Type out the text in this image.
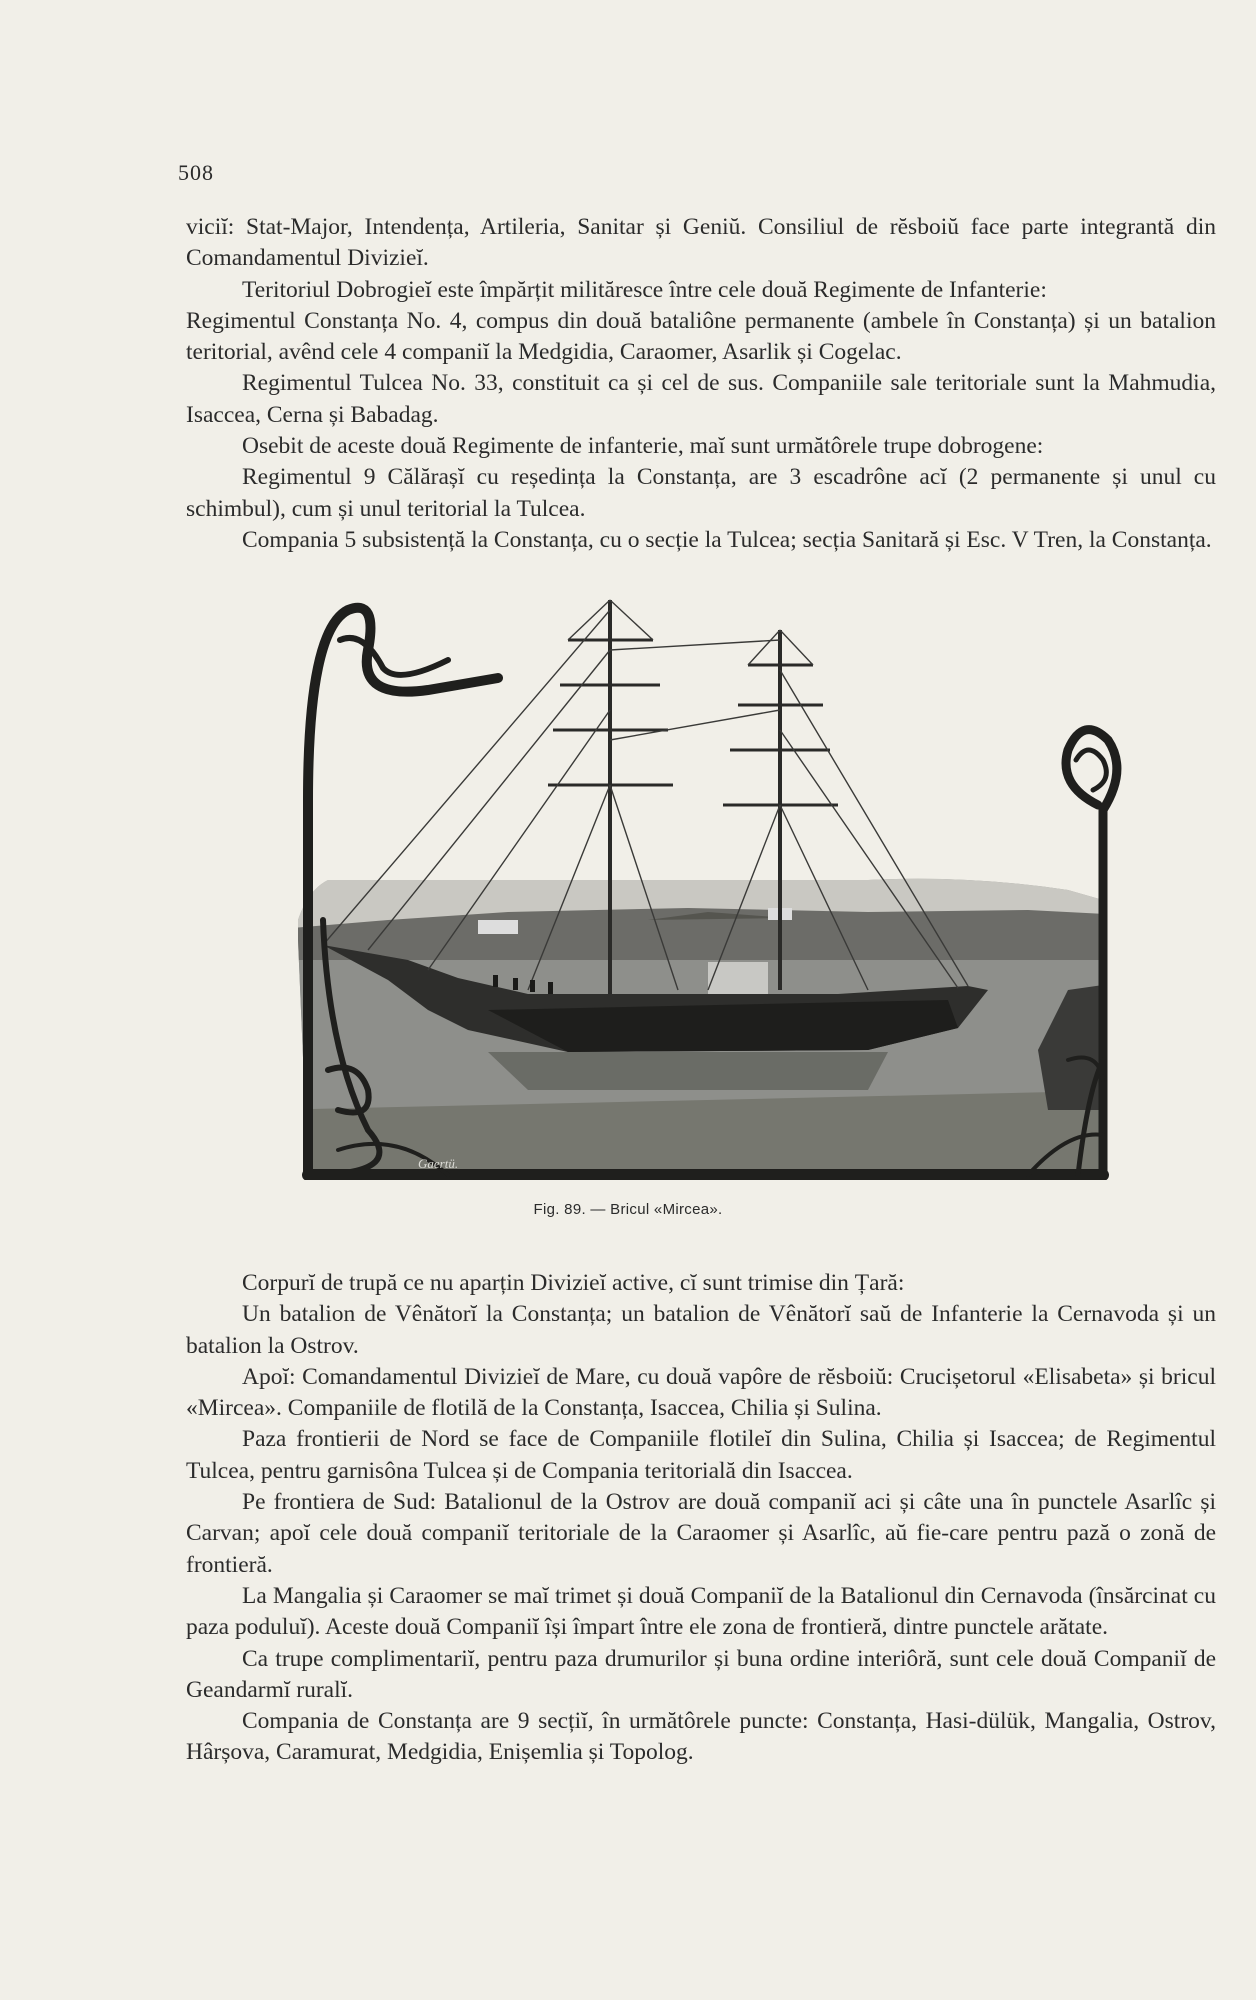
508

viciĭ: Stat-Major, Intendența, Artileria, Sanitar și Geniŭ. Consiliul de rĕsboiŭ face parte integrantă din Comandamentul Divizieĭ.

Teritoriul Dobrogieĭ este împărțit milităresce între cele două Regimente de Infanterie:

Regimentul Constanța No. 4, compus din două bataliône permanente (ambele în Constanța) și un batalion teritorial, avênd cele 4 companiĭ la Medgidia, Caraomer, Asarlik și Cogelac.

Regimentul Tulcea No. 33, constituit ca și cel de sus. Companiile sale teritoriale sunt la Mahmudia, Isaccea, Cerna și Babadag.

Osebit de aceste două Regimente de infanterie, maĭ sunt următôrele trupe dobrogene:

Regimentul 9 Călărașĭ cu reședința la Constanța, are 3 escadrône acĭ (2 permanente și unul cu schimbul), cum și unul teritorial la Tulcea.

Compania 5 subsistență la Constanța, cu o secție la Tulcea; secția Sanitară și Esc. V Tren, la Constanța.

Gaertü.
Fig. 89. — Bricul «Mircea».

Corpurĭ de trupă ce nu aparțin Divizieĭ active, cĭ sunt trimise din Țară:

Un batalion de Vênătorĭ la Constanța; un batalion de Vênătorĭ saŭ de Infanterie la Cernavoda și un batalion la Ostrov.

Apoĭ: Comandamentul Divizieĭ de Mare, cu două vapôre de rĕsboiŭ: Crucișetorul «Elisabeta» și bricul «Mircea». Companiile de flotilă de la Constanța, Isaccea, Chilia și Sulina.

Paza frontierii de Nord se face de Companiile flotileĭ din Sulina, Chilia și Isaccea; de Regimentul Tulcea, pentru garnisôna Tulcea și de Compania teritorială din Isaccea.

Pe frontiera de Sud: Batalionul de la Ostrov are două companiĭ aci și câte una în punctele Asarlîc și Carvan; apoĭ cele două companiĭ teritoriale de la Caraomer și Asarlîc, aŭ fie-care pentru pază o zonă de frontieră.

La Mangalia și Caraomer se maĭ trimet și două Companiĭ de la Batalionul din Cernavoda (însărcinat cu paza poduluĭ). Aceste două Companiĭ își împart între ele zona de frontieră, dintre punctele arătate.

Ca trupe complimentariĭ, pentru paza drumurilor și buna ordine interiôră, sunt cele două Companiĭ de Geandarmĭ ruralĭ.

Compania de Constanța are 9 secțiĭ, în următôrele puncte: Constanța, Hasi-dülük, Mangalia, Ostrov, Hârșova, Caramurat, Medgidia, Enișemlia și Topolog.
